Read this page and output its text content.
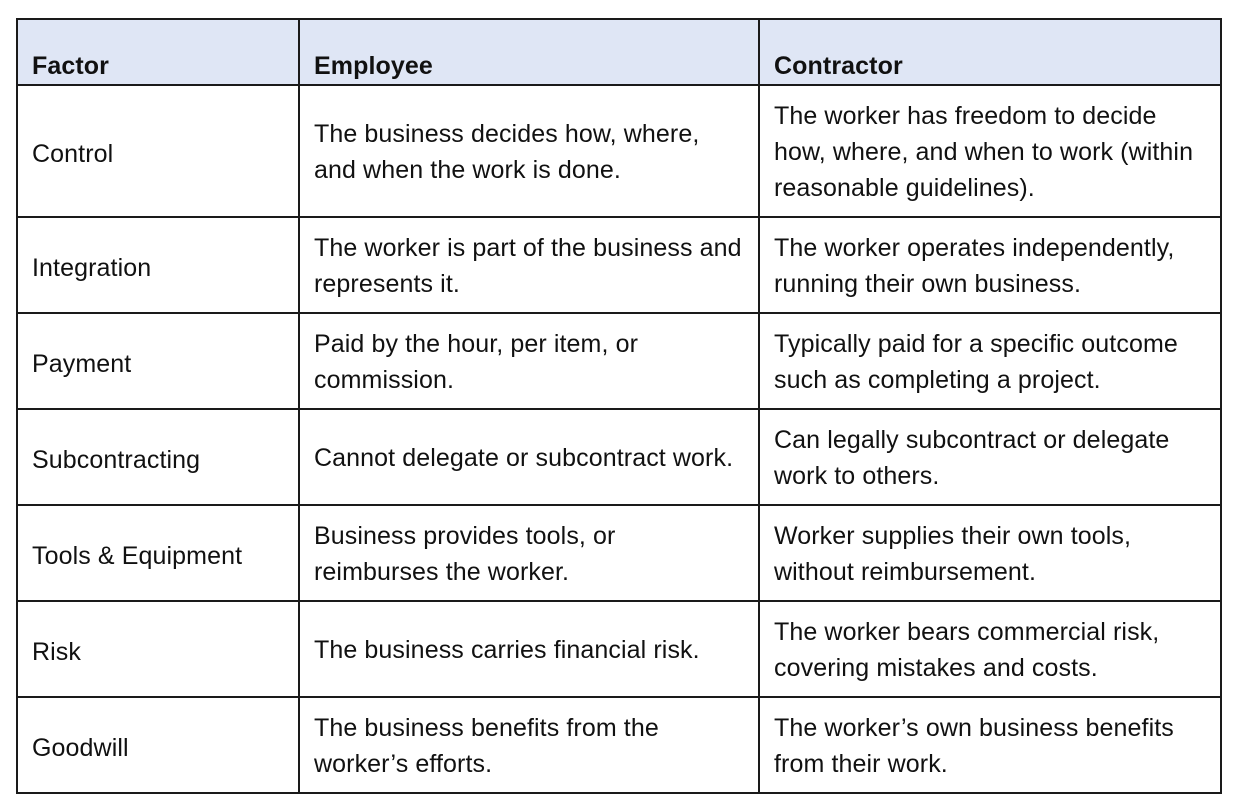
Factor	Employee	Contractor
Control	The business decides how, where, and when the work is done.	The worker has freedom to decide how, where, and when to work (within reasonable guidelines).
Integration	The worker is part of the business and represents it.	The worker operates independently, running their own business.
Payment	Paid by the hour, per item, or commission.	Typically paid for a specific outcome such as completing a project.
Subcontracting	Cannot delegate or subcontract work.	Can legally subcontract or delegate work to others.
Tools & Equipment	Business provides tools, or reimburses the worker.	Worker supplies their own tools, without reimbursement.
Risk	The business carries financial risk.	The worker bears commercial risk, covering mistakes and costs.
Goodwill	The business benefits from the worker’s efforts.	The worker’s own business benefits from their work.
